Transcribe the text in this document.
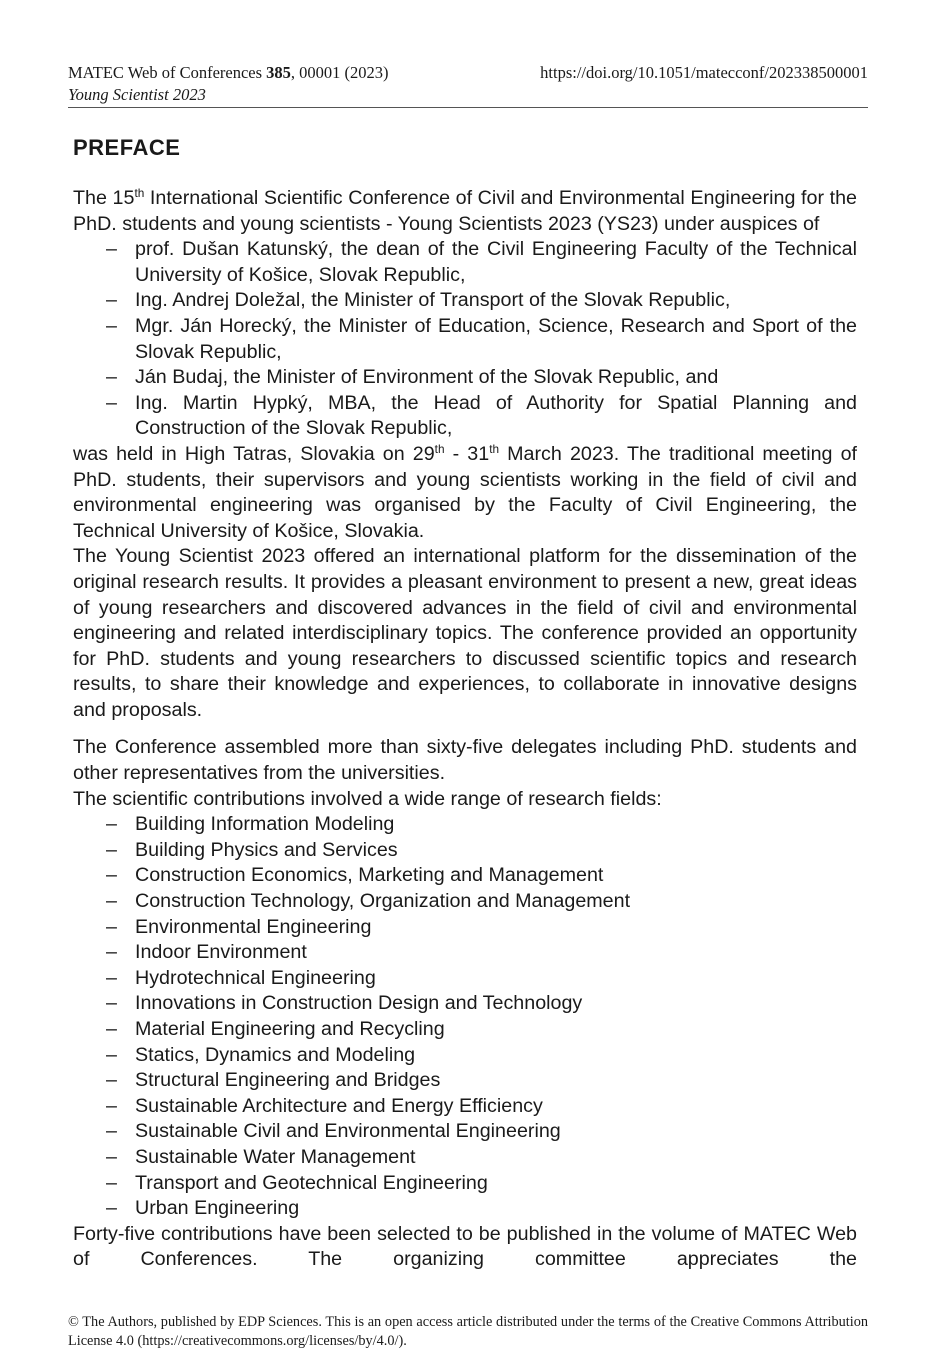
MATEC Web of Conferences 385, 00001 (2023)	https://doi.org/10.1051/matecconf/202338500001
Young Scientist 2023
PREFACE

The 15th International Scientific Conference of Civil and Environmental Engineering for the PhD. students and young scientists - Young Scientists 2023 (YS23) under auspices of

– prof. Dušan Katunský, the dean of the Civil Engineering Faculty of the Technical University of Košice, Slovak Republic,
– Ing. Andrej Doležal, the Minister of Transport of the Slovak Republic,
– Mgr. Ján Horecký, the Minister of Education, Science, Research and Sport of the Slovak Republic,
– Ján Budaj, the Minister of Environment of the Slovak Republic, and
– Ing. Martin Hypký, MBA, the Head of Authority for Spatial Planning and Construction of the Slovak Republic,

was held in High Tatras, Slovakia on 29th - 31th March 2023. The traditional meeting of PhD. students, their supervisors and young scientists working in the field of civil and environmental engineering was organised by the Faculty of Civil Engineering, the Technical University of Košice, Slovakia.

The Young Scientist 2023 offered an international platform for the dissemination of the original research results. It provides a pleasant environment to present a new, great ideas of young researchers and discovered advances in the field of civil and environmental engineering and related interdisciplinary topics. The conference provided an opportunity for PhD. students and young researchers to discussed scientific topics and research results, to share their knowledge and experiences, to collaborate in innovative designs and proposals.

The Conference assembled more than sixty-five delegates including PhD. students and other representatives from the universities.

The scientific contributions involved a wide range of research fields:

– Building Information Modeling
– Building Physics and Services
– Construction Economics, Marketing and Management
– Construction Technology, Organization and Management
– Environmental Engineering
– Indoor Environment
– Hydrotechnical Engineering
– Innovations in Construction Design and Technology
– Material Engineering and Recycling
– Statics, Dynamics and Modeling
– Structural Engineering and Bridges
– Sustainable Architecture and Energy Efficiency
– Sustainable Civil and Environmental Engineering
– Sustainable Water Management
– Transport and Geotechnical Engineering
– Urban Engineering

Forty-five contributions have been selected to be published in the volume of MATEC Web of Conferences. The organizing committee appreciates the

© The Authors, published by EDP Sciences. This is an open access article distributed under the terms of the Creative Commons Attribution License 4.0 (https://creativecommons.org/licenses/by/4.0/).
